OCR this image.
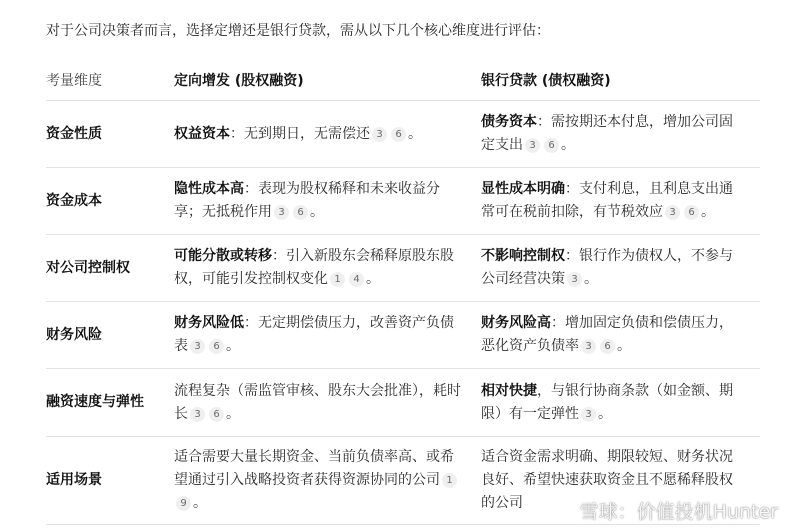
对于公司决策者而言，选择定增还是银行贷款，需从以下几个核心维度进行评估：
考量维度	定向增发 (股权融资)	银行贷款 (债权融资)
资金性质	权益资本：无到期日，无需偿还 3 6 。	债务资本：需按期还本付息，增加公司固定支出 3 6 。
资金成本	隐性成本高：表现为股权稀释和未来收益分享；无抵税作用 3 6 。	显性成本明确：支付利息，且利息支出通常可在税前扣除，有节税效应 3 6 。
对公司控制权	可能分散或转移：引入新股东会稀释原股东股权，可能引发控制权变化 1 4 。	不影响控制权：银行作为债权人，不参与公司经营决策 3 。
财务风险	财务风险低：无定期偿债压力，改善资产负债表 3 6 。	财务风险高：增加固定负债和偿债压力，恶化资产负债率 3 6 。
融资速度与弹性	流程复杂（需监管审核、股东大会批准），耗时长 3 6 。	相对快捷，与银行协商条款（如金额、期限）有一定弹性 3 。
适用场景	适合需要大量长期资金、当前负债率高、或希望通过引入战略投资者获得资源协同的公司 19 。	适合资金需求明确、期限较短、财务状况良好、希望快速获取资金且不愿稀释股权的公司	雪球：价值投机Hunter
